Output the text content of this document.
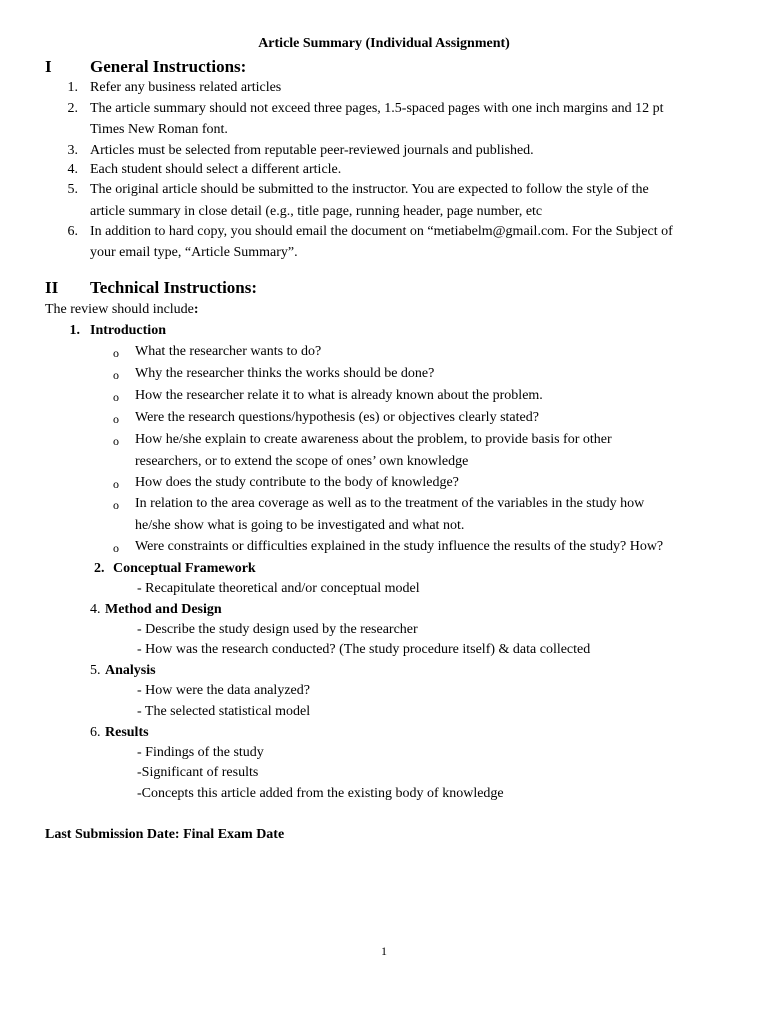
Article Summary (Individual Assignment)
I General Instructions:
1. Refer any business related articles
2. The article summary should not exceed three pages, 1.5-spaced pages with one inch margins and 12 pt
Times New Roman font.
3. Articles must be selected from reputable peer-reviewed journals and published.
4. Each student should select a different article.
5. The original article should be submitted to the instructor. You are expected to follow the style of the
article summary in close detail (e.g., title page, running header, page number, etc
6. In addition to hard copy, you should email the document on “metiabelm@gmail.com. For the Subject of
your email type, “Article Summary”.
II Technical Instructions:
The review should include:
1. Introduction
o What the researcher wants to do?
o Why the researcher thinks the works should be done?
o How the researcher relate it to what is already known about the problem.
o Were the research questions/hypothesis (es) or objectives clearly stated?
o How he/she explain to create awareness about the problem, to provide basis for other
researchers, or to extend the scope of ones’ own knowledge
o How does the study contribute to the body of knowledge?
o In relation to the area coverage as well as to the treatment of the variables in the study how
he/she show what is going to be investigated and what not.
o Were constraints or difficulties explained in the study influence the results of the study? How?
2. Conceptual Framework
- Recapitulate theoretical and/or conceptual model
4. Method and Design
- Describe the study design used by the researcher
- How was the research conducted? (The study procedure itself) & data collected
5. Analysis
- How were the data analyzed?
- The selected statistical model
6. Results
- Findings of the study
-Significant of results
-Concepts this article added from the existing body of knowledge
Last Submission Date: Final Exam Date
1
